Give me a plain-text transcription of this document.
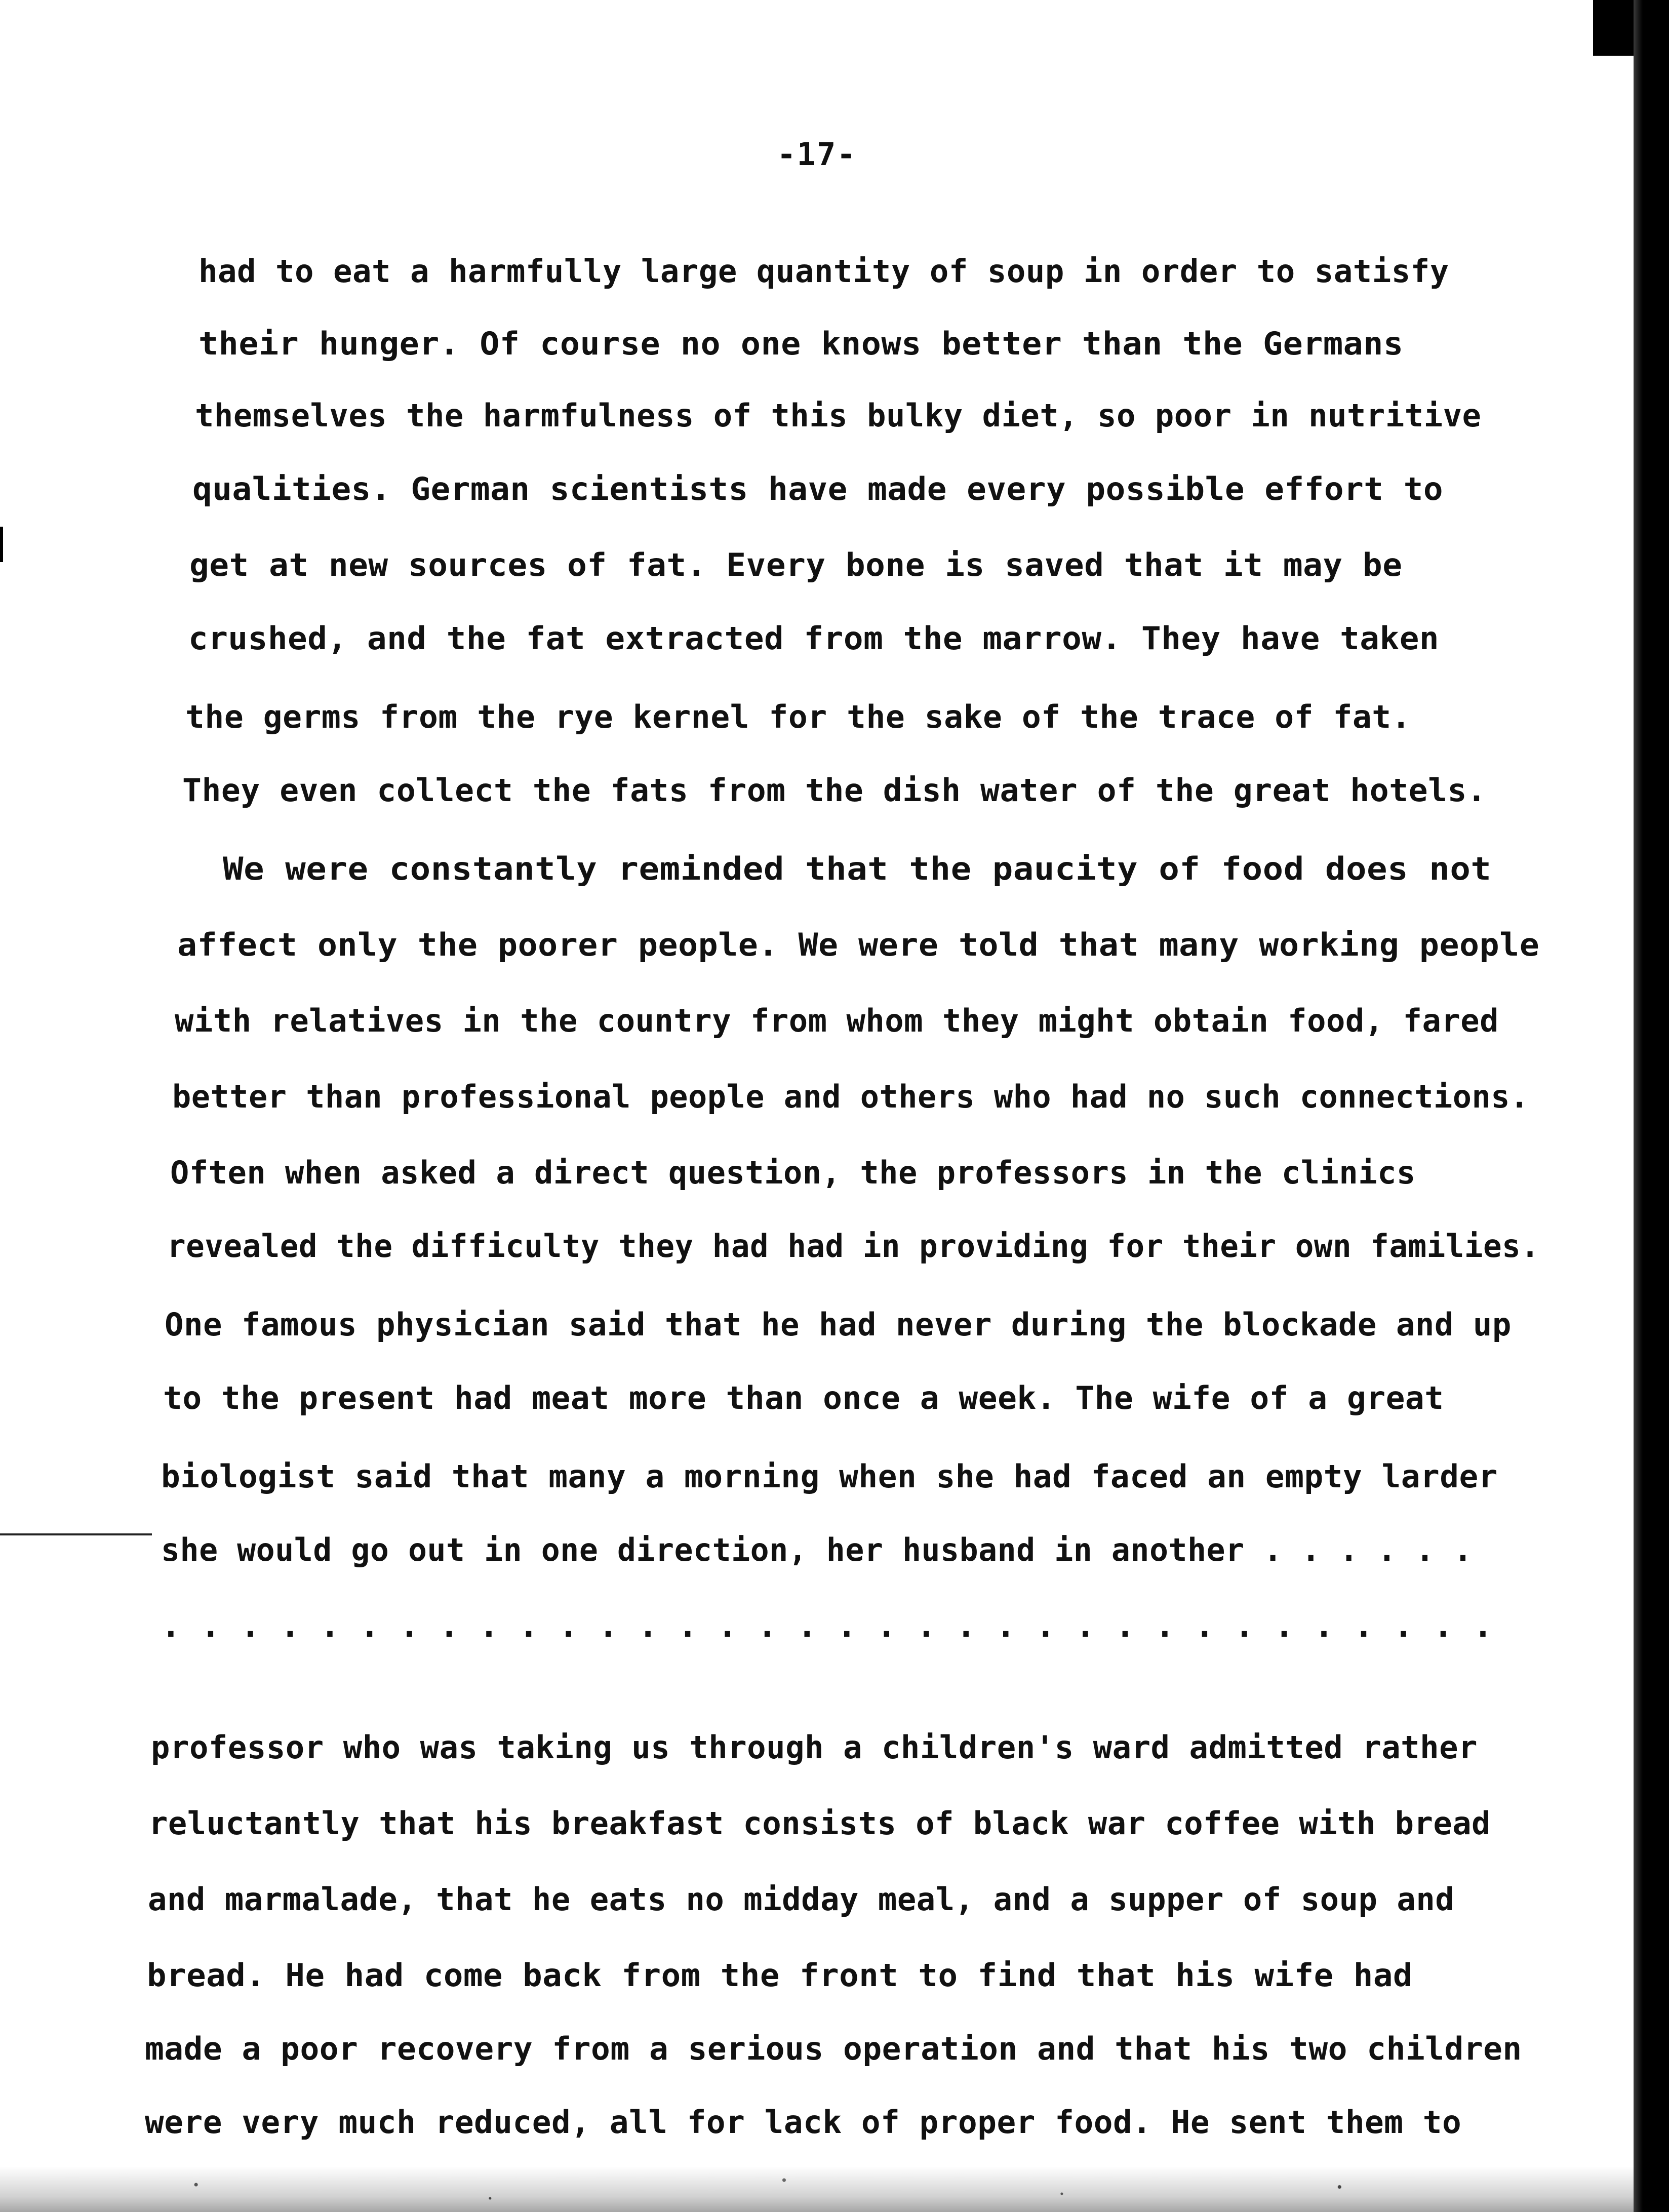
-17-
had to eat a harmfully large quantity of soup in order to satisfy
their hunger. Of course no one knows better than the Germans
themselves the harmfulness of this bulky diet, so poor in nutritive
qualities. German scientists have made every possible effort to
get at new sources of fat. Every bone is saved that it may be
crushed, and the fat extracted from the marrow. They have taken
the germs from the rye kernel for the sake of the trace of fat.
They even collect the fats from the dish water of the great hotels.
We were constantly reminded that the paucity of food does not
affect only the poorer people. We were told that many working people
with relatives in the country from whom they might obtain food, fared
better than professional people and others who had no such connections.
Often when asked a direct question, the professors in the clinics
revealed the difficulty they had had in providing for their own families.
One famous physician said that he had never during the blockade and up
to the present had meat more than once a week. The wife of a great
biologist said that many a morning when she had faced an empty larder
she would go out in one direction, her husband in another . . . . . .
. . . . . . . . . . . . . . . . . . . . . . . . . . . . . . . . . .
professor who was taking us through a children's ward admitted rather
reluctantly that his breakfast consists of black war coffee with bread
and marmalade, that he eats no midday meal, and a supper of soup and
bread. He had come back from the front to find that his wife had
made a poor recovery from a serious operation and that his two children
were very much reduced, all for lack of proper food. He sent them to
